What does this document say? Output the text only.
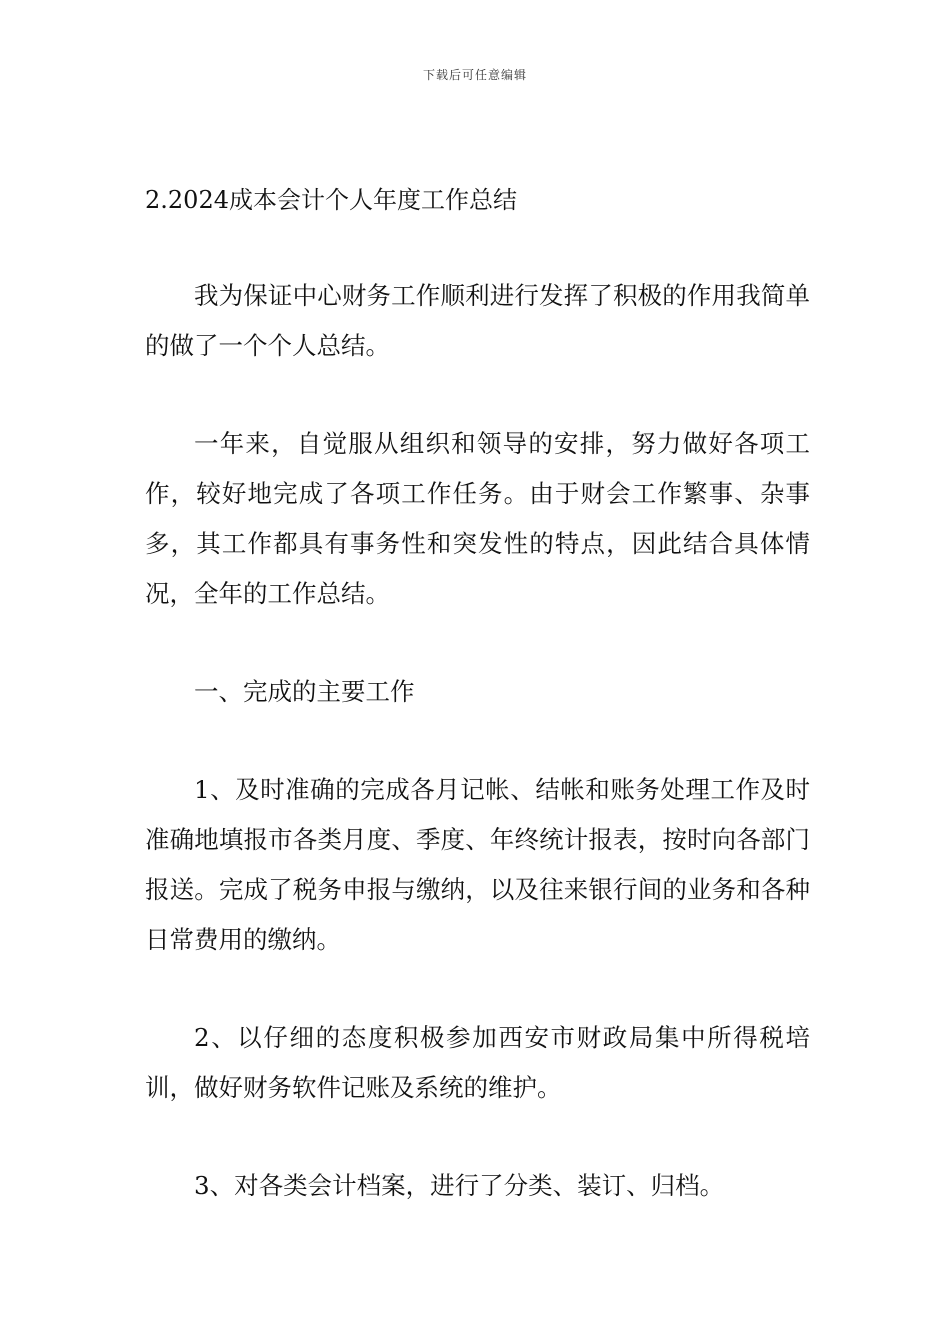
下载后可任意编辑
2.2024成本会计个人年度工作总结

我为保证中心财务工作顺利进行发挥了积极的作用我简单的做了一个个人总结。

一年来，自觉服从组织和领导的安排，努力做好各项工作，较好地完成了各项工作任务。由于财会工作繁事、杂事多，其工作都具有事务性和突发性的特点，因此结合具体情况，全年的工作总结。

一、完成的主要工作

1、及时准确的完成各月记帐、结帐和账务处理工作及时准确地填报市各类月度、季度、年终统计报表，按时向各部门报送。完成了税务申报与缴纳，以及往来银行间的业务和各种日常费用的缴纳。

2、以仔细的态度积极参加西安市财政局集中所得税培训，做好财务软件记账及系统的维护。

3、对各类会计档案，进行了分类、装订、归档。
